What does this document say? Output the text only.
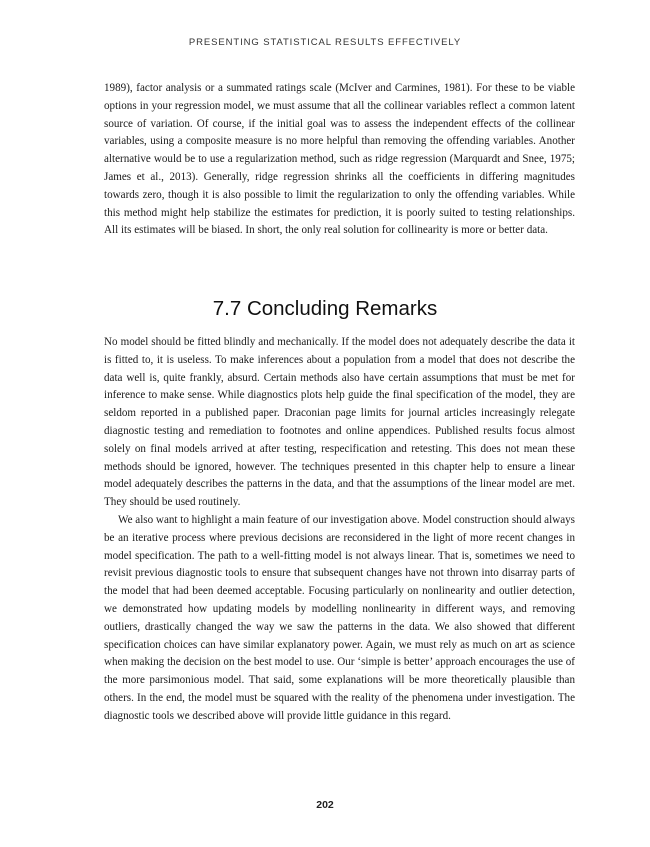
PRESENTING STATISTICAL RESULTS EFFECTIVELY

1989), factor analysis or a summated ratings scale (McIver and Carmines, 1981). For these to be viable options in your regression model, we must assume that all the collinear variables reflect a common latent source of variation. Of course, if the initial goal was to assess the independent effects of the collinear variables, using a composite measure is no more helpful than removing the offending variables. Another alternative would be to use a regularization method, such as ridge regression (Marquardt and Snee, 1975; James et al., 2013). Generally, ridge regression shrinks all the coefficients in differing magnitudes towards zero, though it is also possible to limit the regularization to only the offending variables. While this method might help stabilize the estimates for prediction, it is poorly suited to testing relationships. All its estimates will be biased. In short, the only real solution for collinearity is more or better data.

7.7 Concluding Remarks

No model should be fitted blindly and mechanically. If the model does not adequately describe the data it is fitted to, it is useless. To make inferences about a population from a model that does not describe the data well is, quite frankly, absurd. Certain methods also have certain assumptions that must be met for inference to make sense. While diagnostics plots help guide the final specification of the model, they are seldom reported in a published paper. Draconian page limits for journal articles increasingly relegate diagnostic testing and remediation to footnotes and online appendices. Published results focus almost solely on final models arrived at after testing, respecification and retesting. This does not mean these methods should be ignored, however. The techniques presented in this chapter help to ensure a linear model adequately describes the patterns in the data, and that the assumptions of the linear model are met. They should be used routinely.

We also want to highlight a main feature of our investigation above. Model construction should always be an iterative process where previous decisions are reconsidered in the light of more recent changes in model specification. The path to a well-fitting model is not always linear. That is, sometimes we need to revisit previous diagnostic tools to ensure that subsequent changes have not thrown into disarray parts of the model that had been deemed acceptable. Focusing particularly on nonlinearity and outlier detection, we demonstrated how updating models by modelling nonlinearity in different ways, and removing outliers, drastically changed the way we saw the patterns in the data. We also showed that different specification choices can have similar explanatory power. Again, we must rely as much on art as science when making the decision on the best model to use. Our ‘simple is better’ approach encourages the use of the more parsimonious model. That said, some explanations will be more theoretically plausible than others. In the end, the model must be squared with the reality of the phenomena under investigation. The diagnostic tools we described above will provide little guidance in this regard.

202
